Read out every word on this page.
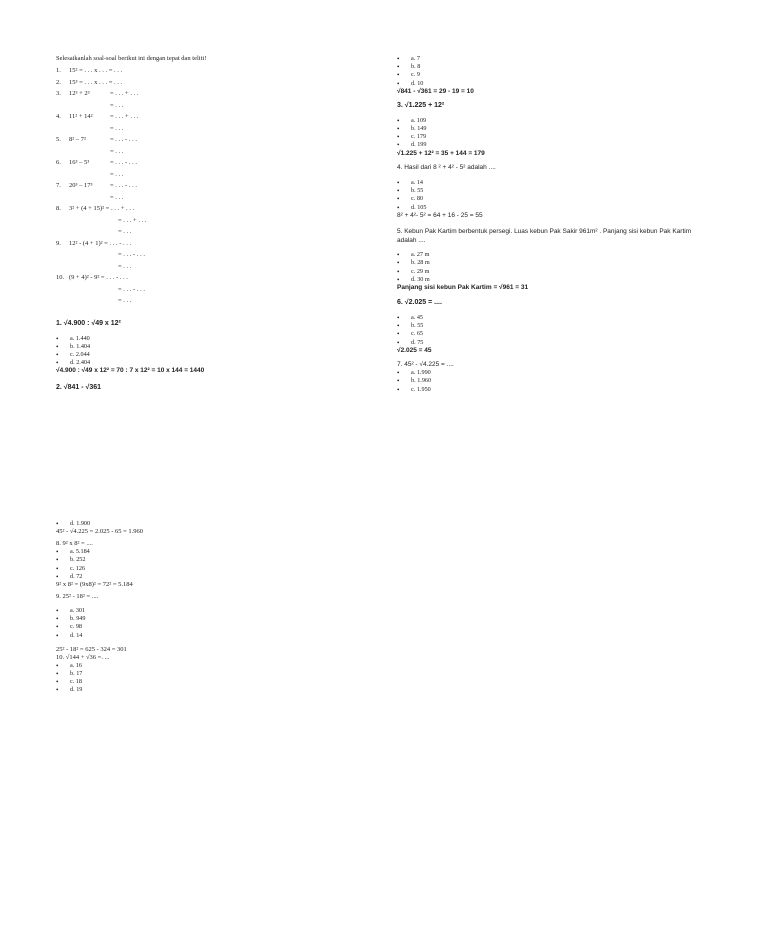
Selesaikanlah soal-soal berikut ini dengan tepat dan teliti!
1. 15² = . . . x . . . = . . .
2. 15³ = . . . x . . . = . . .
3. 12³ + 2³	= . . . + . . .
= . . .
4. 11² + 14²	= . . . + . . .
= . . .
5. 8² – 7²	= . . . - . . .
= . . .
6. 16³ – 5³	= . . . - . . .
= . . .
7. 20³ – 17³	= . . . - . . .
= . . .
8. 3² + (4 + 15)² = . . . + . . .
= . . . + . . .
= . . .
9. 12² - (4 + 1)² = . . . - . . .
= . . . - . . .
= . . .
10. (9 + 4)² - 9² = . . . - . . .
= . . . - . . .
= . . .
1. √4.900 : √49 x 12²
• a. 1.440
• b. 1.404
• c. 2.044
• d. 2.404
√4.900 : √49 x 12² = 70 : 7 x 12² = 10 x 144 = 1440
2. √841 - √361
• a. 7
• b. 8
• c. 9
• d. 10
√841 - √361 = 29 - 19 = 10
3. √1.225 + 12²
• a. 109
• b. 149
• c. 179
• d. 199
√1.225 + 12² = 35 + 144 = 179
4. Hasil dari 8 ² + 4² - 5² adalah ....
• a. 14
• b. 55
• c. 80
• d. 105
8² + 4²- 5² = 64 + 16 - 25 = 55
5. Kebun Pak Kartim berbentuk persegi. Luas kebun Pak Sakir 961m² . Panjang sisi kebun Pak Kartim
adalah ....
• a. 27 m
• b. 28 m
• c. 29 m
• d. 30 m
Panjang sisi kebun Pak Kartim = √961 = 31
6. √2.025 = ....
• a. 45
• b. 55
• c. 65
• d. 75
√2.025 = 45
7. 45² - √4.225 = ....
• a. 1.990
• b. 1.960
• c. 1.950
• d. 1.900
45² - √4.225 = 2.025 - 65 = 1.960
8. 9² x 8² = ....
• a. 5.184
• b. 252
• c. 126
• d. 72
9² x 8² = (9x8)² = 72² = 5.184
9. 25² - 18² = ....
• a. 301
• b. 949
• c. 98
• d. 14
25² - 18² = 625 - 324 = 301
10. √144 + √36 =. ...
• a. 16
• b. 17
• c. 18
• d. 19
